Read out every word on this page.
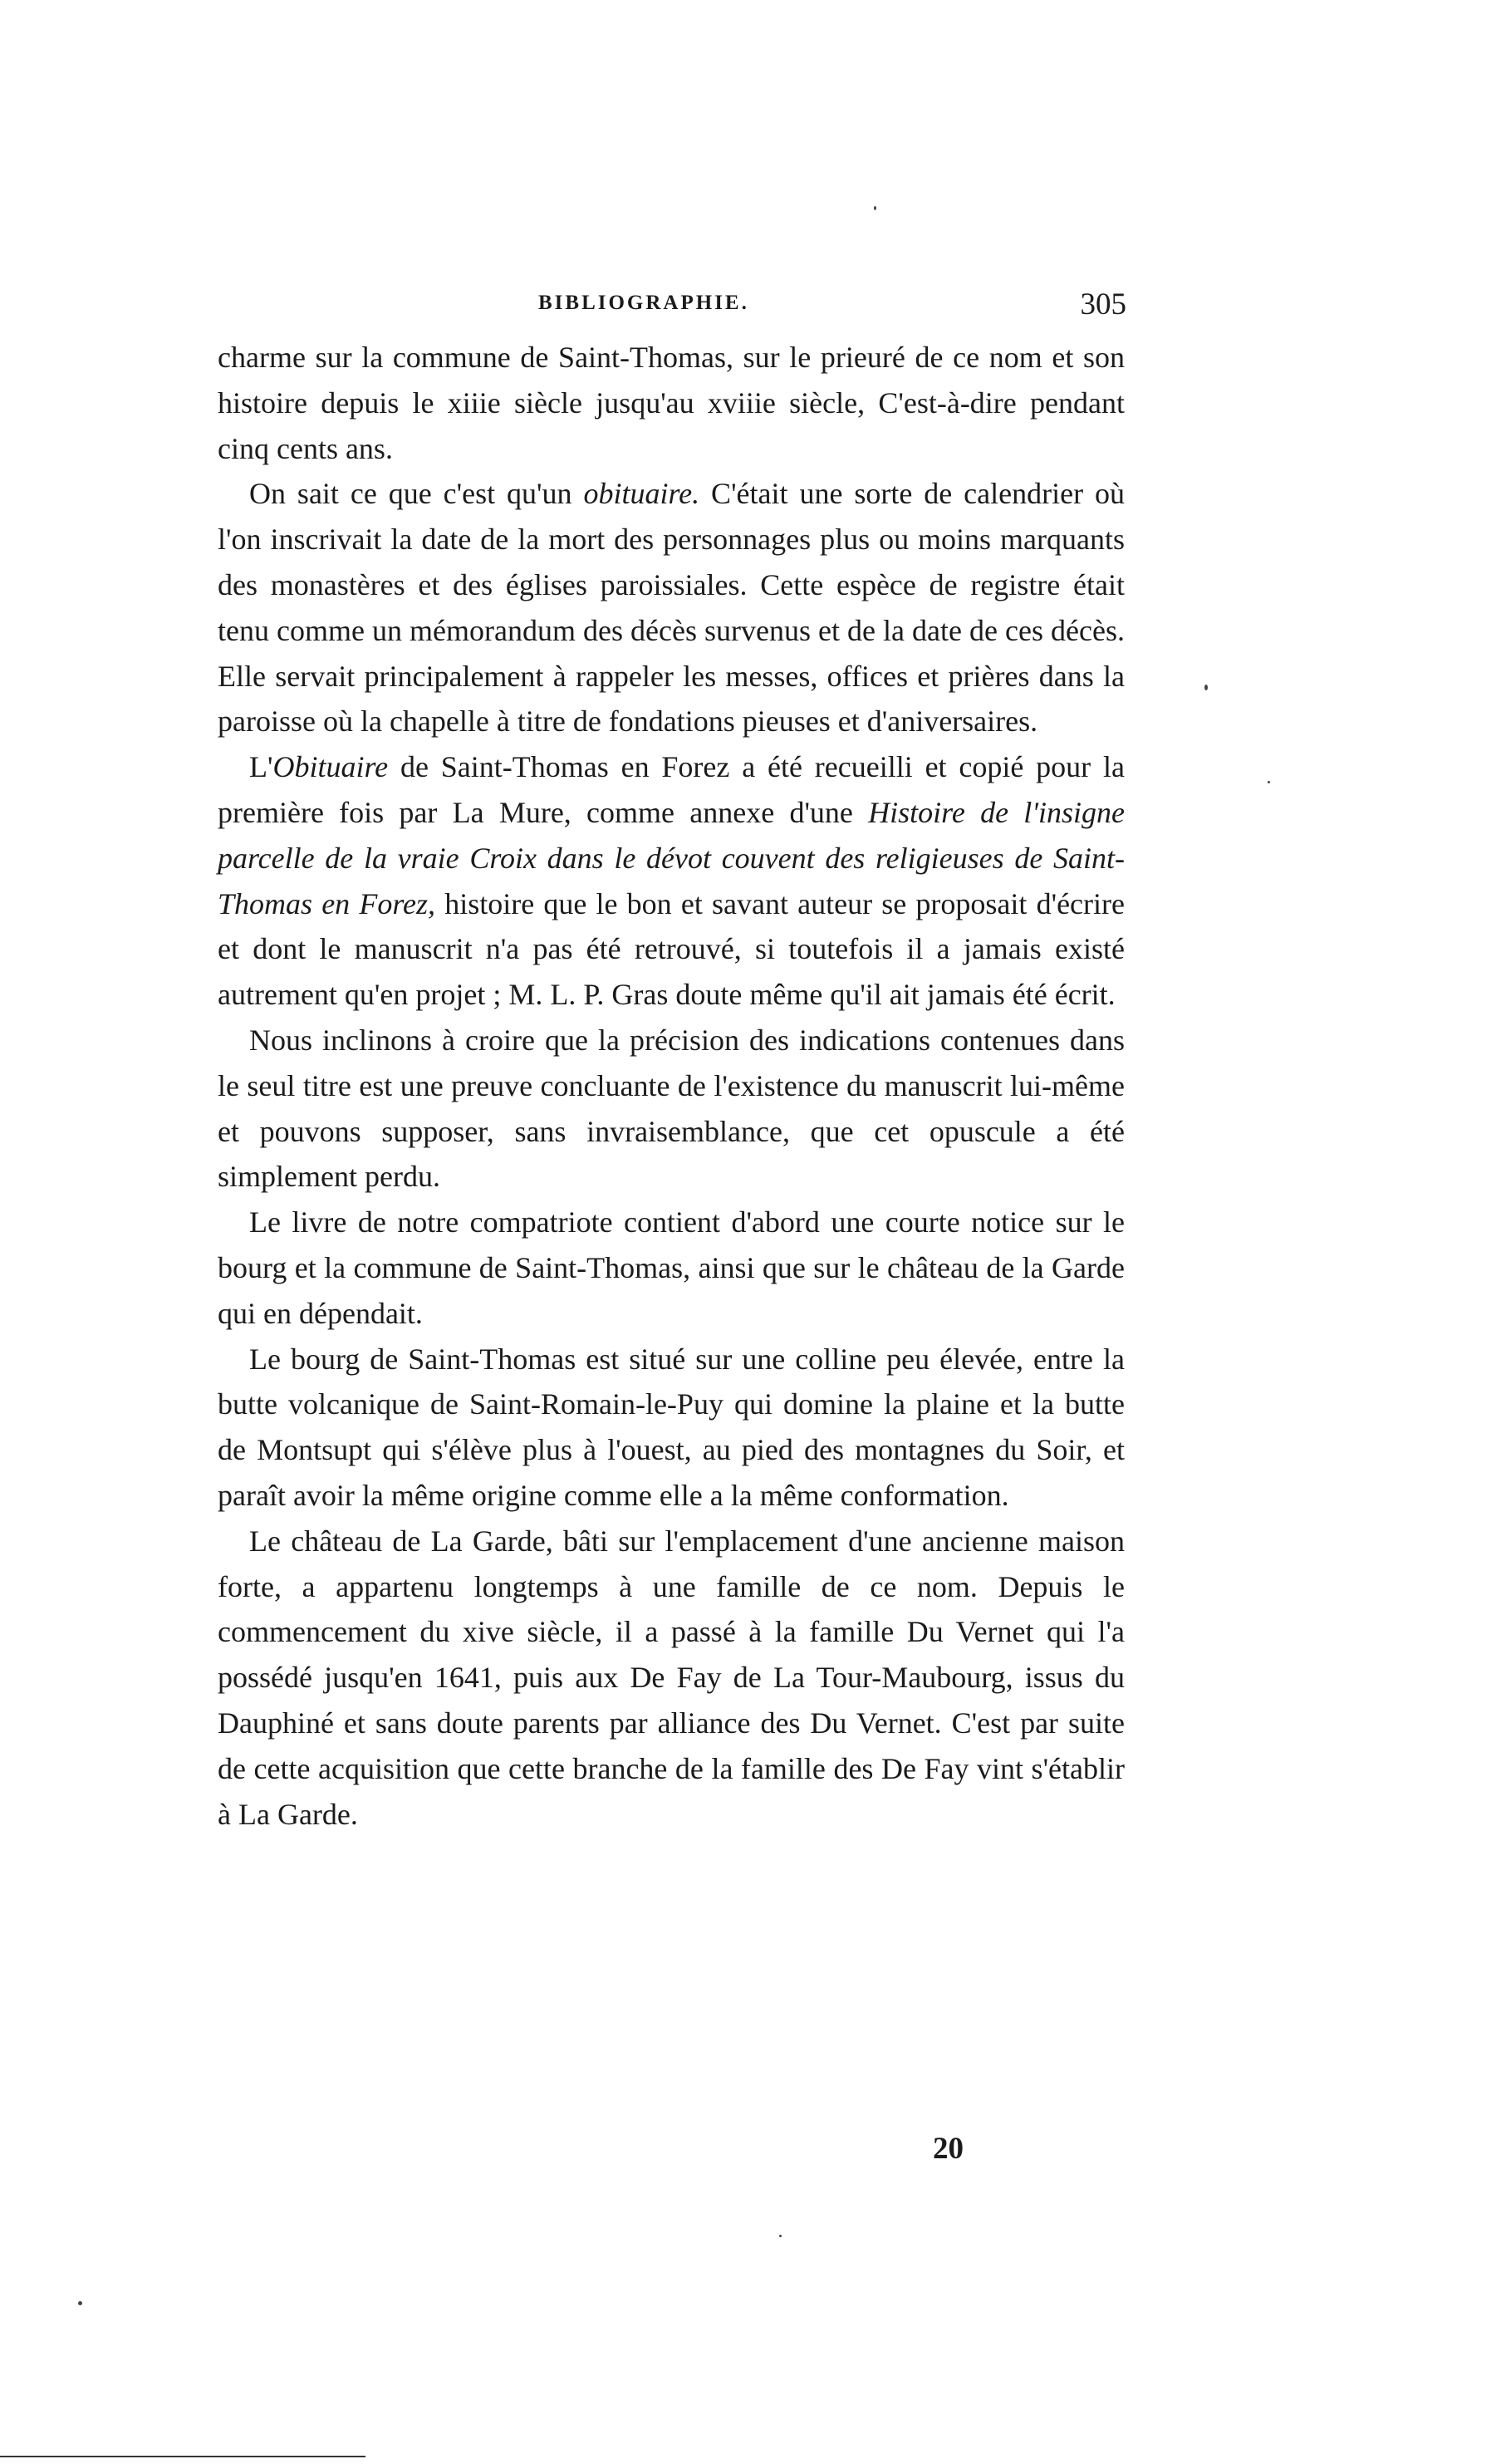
BIBLIOGRAPHIE.	305

charme sur la commune de Saint-Thomas, sur le prieuré de ce nom et son histoire depuis le xiiie siècle jusqu'au xviiie siècle, C'est-à-dire pendant cinq cents ans.

On sait ce que c'est qu'un obituaire. C'était une sorte de calendrier où l'on inscrivait la date de la mort des personnages plus ou moins marquants des monastères et des églises paroissiales. Cette espèce de registre était tenu comme un mémorandum des décès survenus et de la date de ces décès. Elle servait principalement à rappeler les messes, offices et prières dans la paroisse où la chapelle à titre de fondations pieuses et d'aniversaires.

L'Obituaire de Saint-Thomas en Forez a été recueilli et copié pour la première fois par La Mure, comme annexe d'une Histoire de l'insigne parcelle de la vraie Croix dans le dévot couvent des religieuses de Saint-Thomas en Forez, histoire que le bon et savant auteur se proposait d'écrire et dont le manuscrit n'a pas été retrouvé, si toutefois il a jamais existé autrement qu'en projet ; M. L. P. Gras doute même qu'il ait jamais été écrit.

Nous inclinons à croire que la précision des indications contenues dans le seul titre est une preuve concluante de l'existence du manuscrit lui-même et pouvons supposer, sans invraisemblance, que cet opuscule a été simplement perdu.

Le livre de notre compatriote contient d'abord une courte notice sur le bourg et la commune de Saint-Thomas, ainsi que sur le château de la Garde qui en dépendait.

Le bourg de Saint-Thomas est situé sur une colline peu élevée, entre la butte volcanique de Saint-Romain-le-Puy qui domine la plaine et la butte de Montsupt qui s'élève plus à l'ouest, au pied des montagnes du Soir, et paraît avoir la même origine comme elle a la même conformation.

Le château de La Garde, bâti sur l'emplacement d'une ancienne maison forte, a appartenu longtemps à une famille de ce nom. Depuis le commencement du xive siècle, il a passé à la famille Du Vernet qui l'a possédé jusqu'en 1641, puis aux De Fay de La Tour-Maubourg, issus du Dauphiné et sans doute parents par alliance des Du Vernet. C'est par suite de cette acquisition que cette branche de la famille des De Fay vint s'établir à La Garde.

20
